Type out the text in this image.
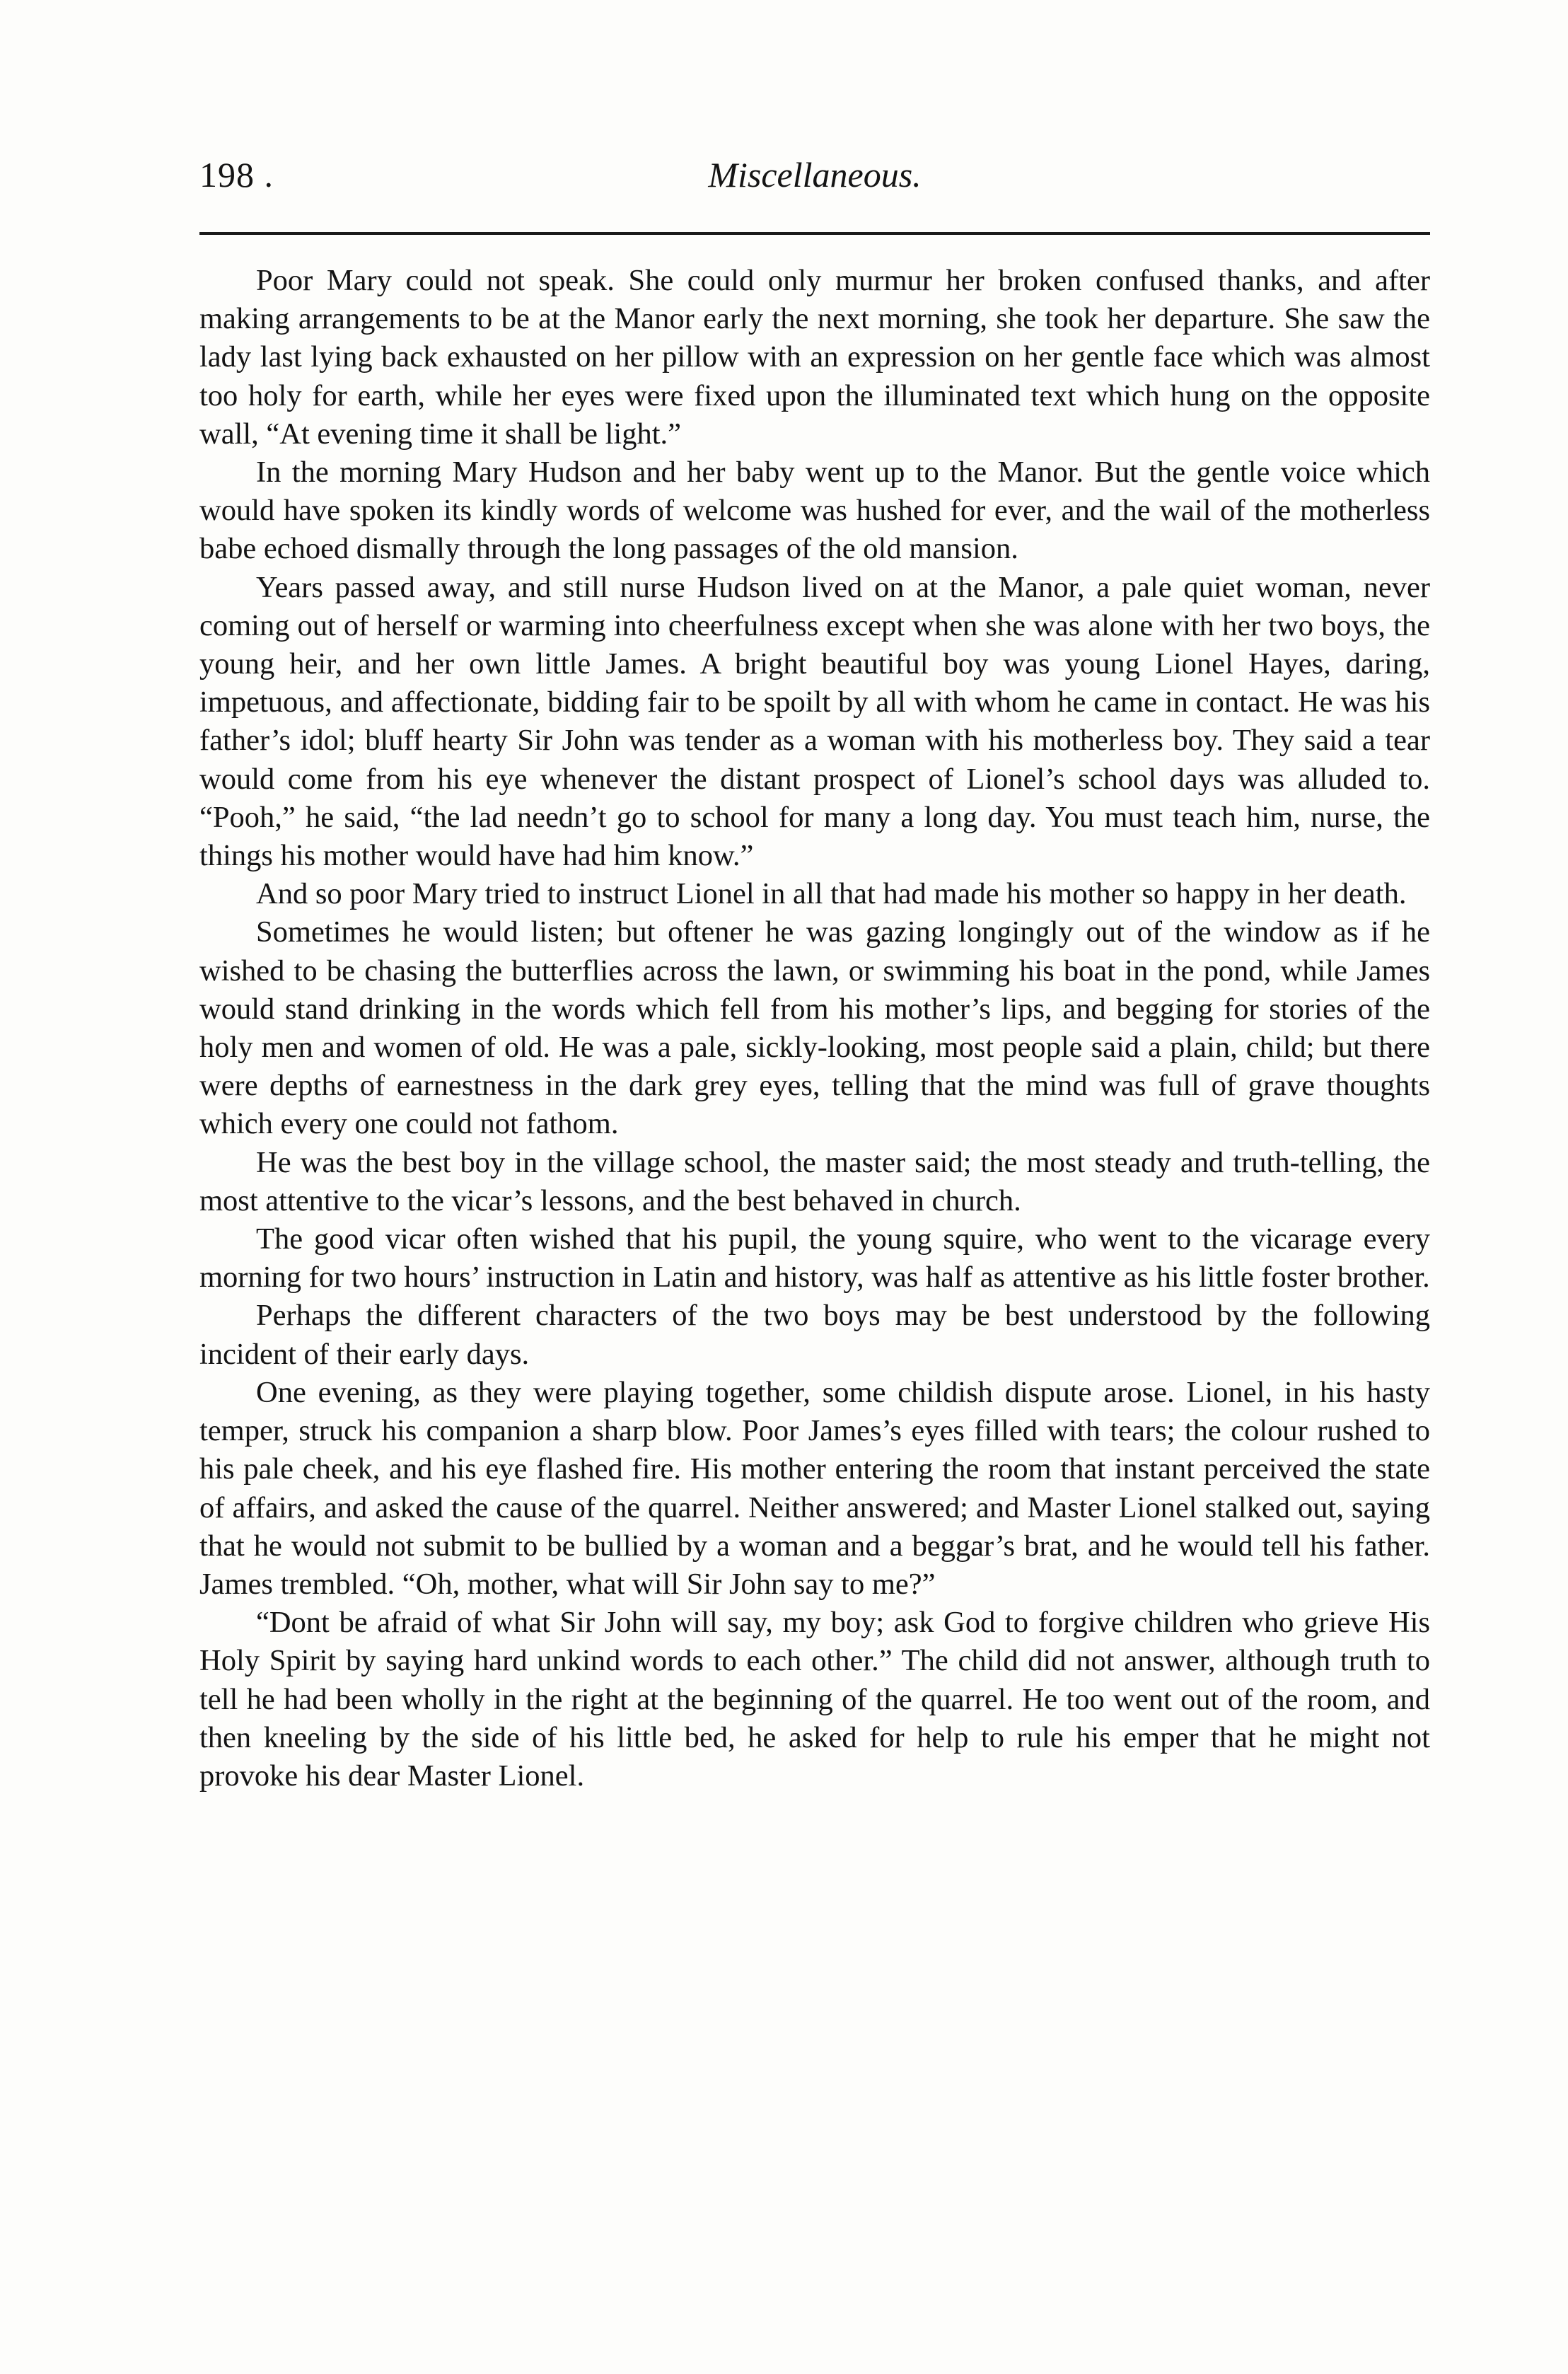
198 .	Miscellaneous.

Poor Mary could not speak. She could only murmur her broken confused thanks, and after making arrangements to be at the Manor early the next morning, she took her departure. She saw the lady last lying back exhausted on her pillow with an expression on her gentle face which was almost too holy for earth, while her eyes were fixed upon the illuminated text which hung on the opposite wall, “At evening time it shall be light.”

In the morning Mary Hudson and her baby went up to the Manor. But the gentle voice which would have spoken its kindly words of welcome was hushed for ever, and the wail of the motherless babe echoed dismally through the long passages of the old mansion.

Years passed away, and still nurse Hudson lived on at the Manor, a pale quiet woman, never coming out of herself or warming into cheerfulness except when she was alone with her two boys, the young heir, and her own little James. A bright beautiful boy was young Lionel Hayes, daring, impetuous, and affectionate, bidding fair to be spoilt by all with whom he came in contact. He was his father’s idol; bluff hearty Sir John was tender as a woman with his motherless boy. They said a tear would come from his eye whenever the distant prospect of Lionel’s school days was alluded to. “Pooh,” he said, “the lad needn’t go to school for many a long day. You must teach him, nurse, the things his mother would have had him know.”

And so poor Mary tried to instruct Lionel in all that had made his mother so happy in her death.

Sometimes he would listen; but oftener he was gazing longingly out of the window as if he wished to be chasing the butterflies across the lawn, or swimming his boat in the pond, while James would stand drinking in the words which fell from his mother’s lips, and begging for stories of the holy men and women of old. He was a pale, sickly-looking, most people said a plain, child; but there were depths of earnestness in the dark grey eyes, telling that the mind was full of grave thoughts which every one could not fathom.

He was the best boy in the village school, the master said; the most steady and truth-telling, the most attentive to the vicar’s lessons, and the best behaved in church.

The good vicar often wished that his pupil, the young squire, who went to the vicarage every morning for two hours’ instruction in Latin and history, was half as attentive as his little foster brother.

Perhaps the different characters of the two boys may be best understood by the following incident of their early days.

One evening, as they were playing together, some childish dispute arose. Lionel, in his hasty temper, struck his companion a sharp blow. Poor James’s eyes filled with tears; the colour rushed to his pale cheek, and his eye flashed fire. His mother entering the room that instant perceived the state of affairs, and asked the cause of the quarrel. Neither answered; and Master Lionel stalked out, saying that he would not submit to be bullied by a woman and a beggar’s brat, and he would tell his father. James trembled. “Oh, mother, what will Sir John say to me?”

“Dont be afraid of what Sir John will say, my boy; ask God to forgive children who grieve His Holy Spirit by saying hard unkind words to each other.” The child did not answer, although truth to tell he had been wholly in the right at the beginning of the quarrel. He too went out of the room, and then kneeling by the side of his little bed, he asked for help to rule his emper that he might not provoke his dear Master Lionel.
